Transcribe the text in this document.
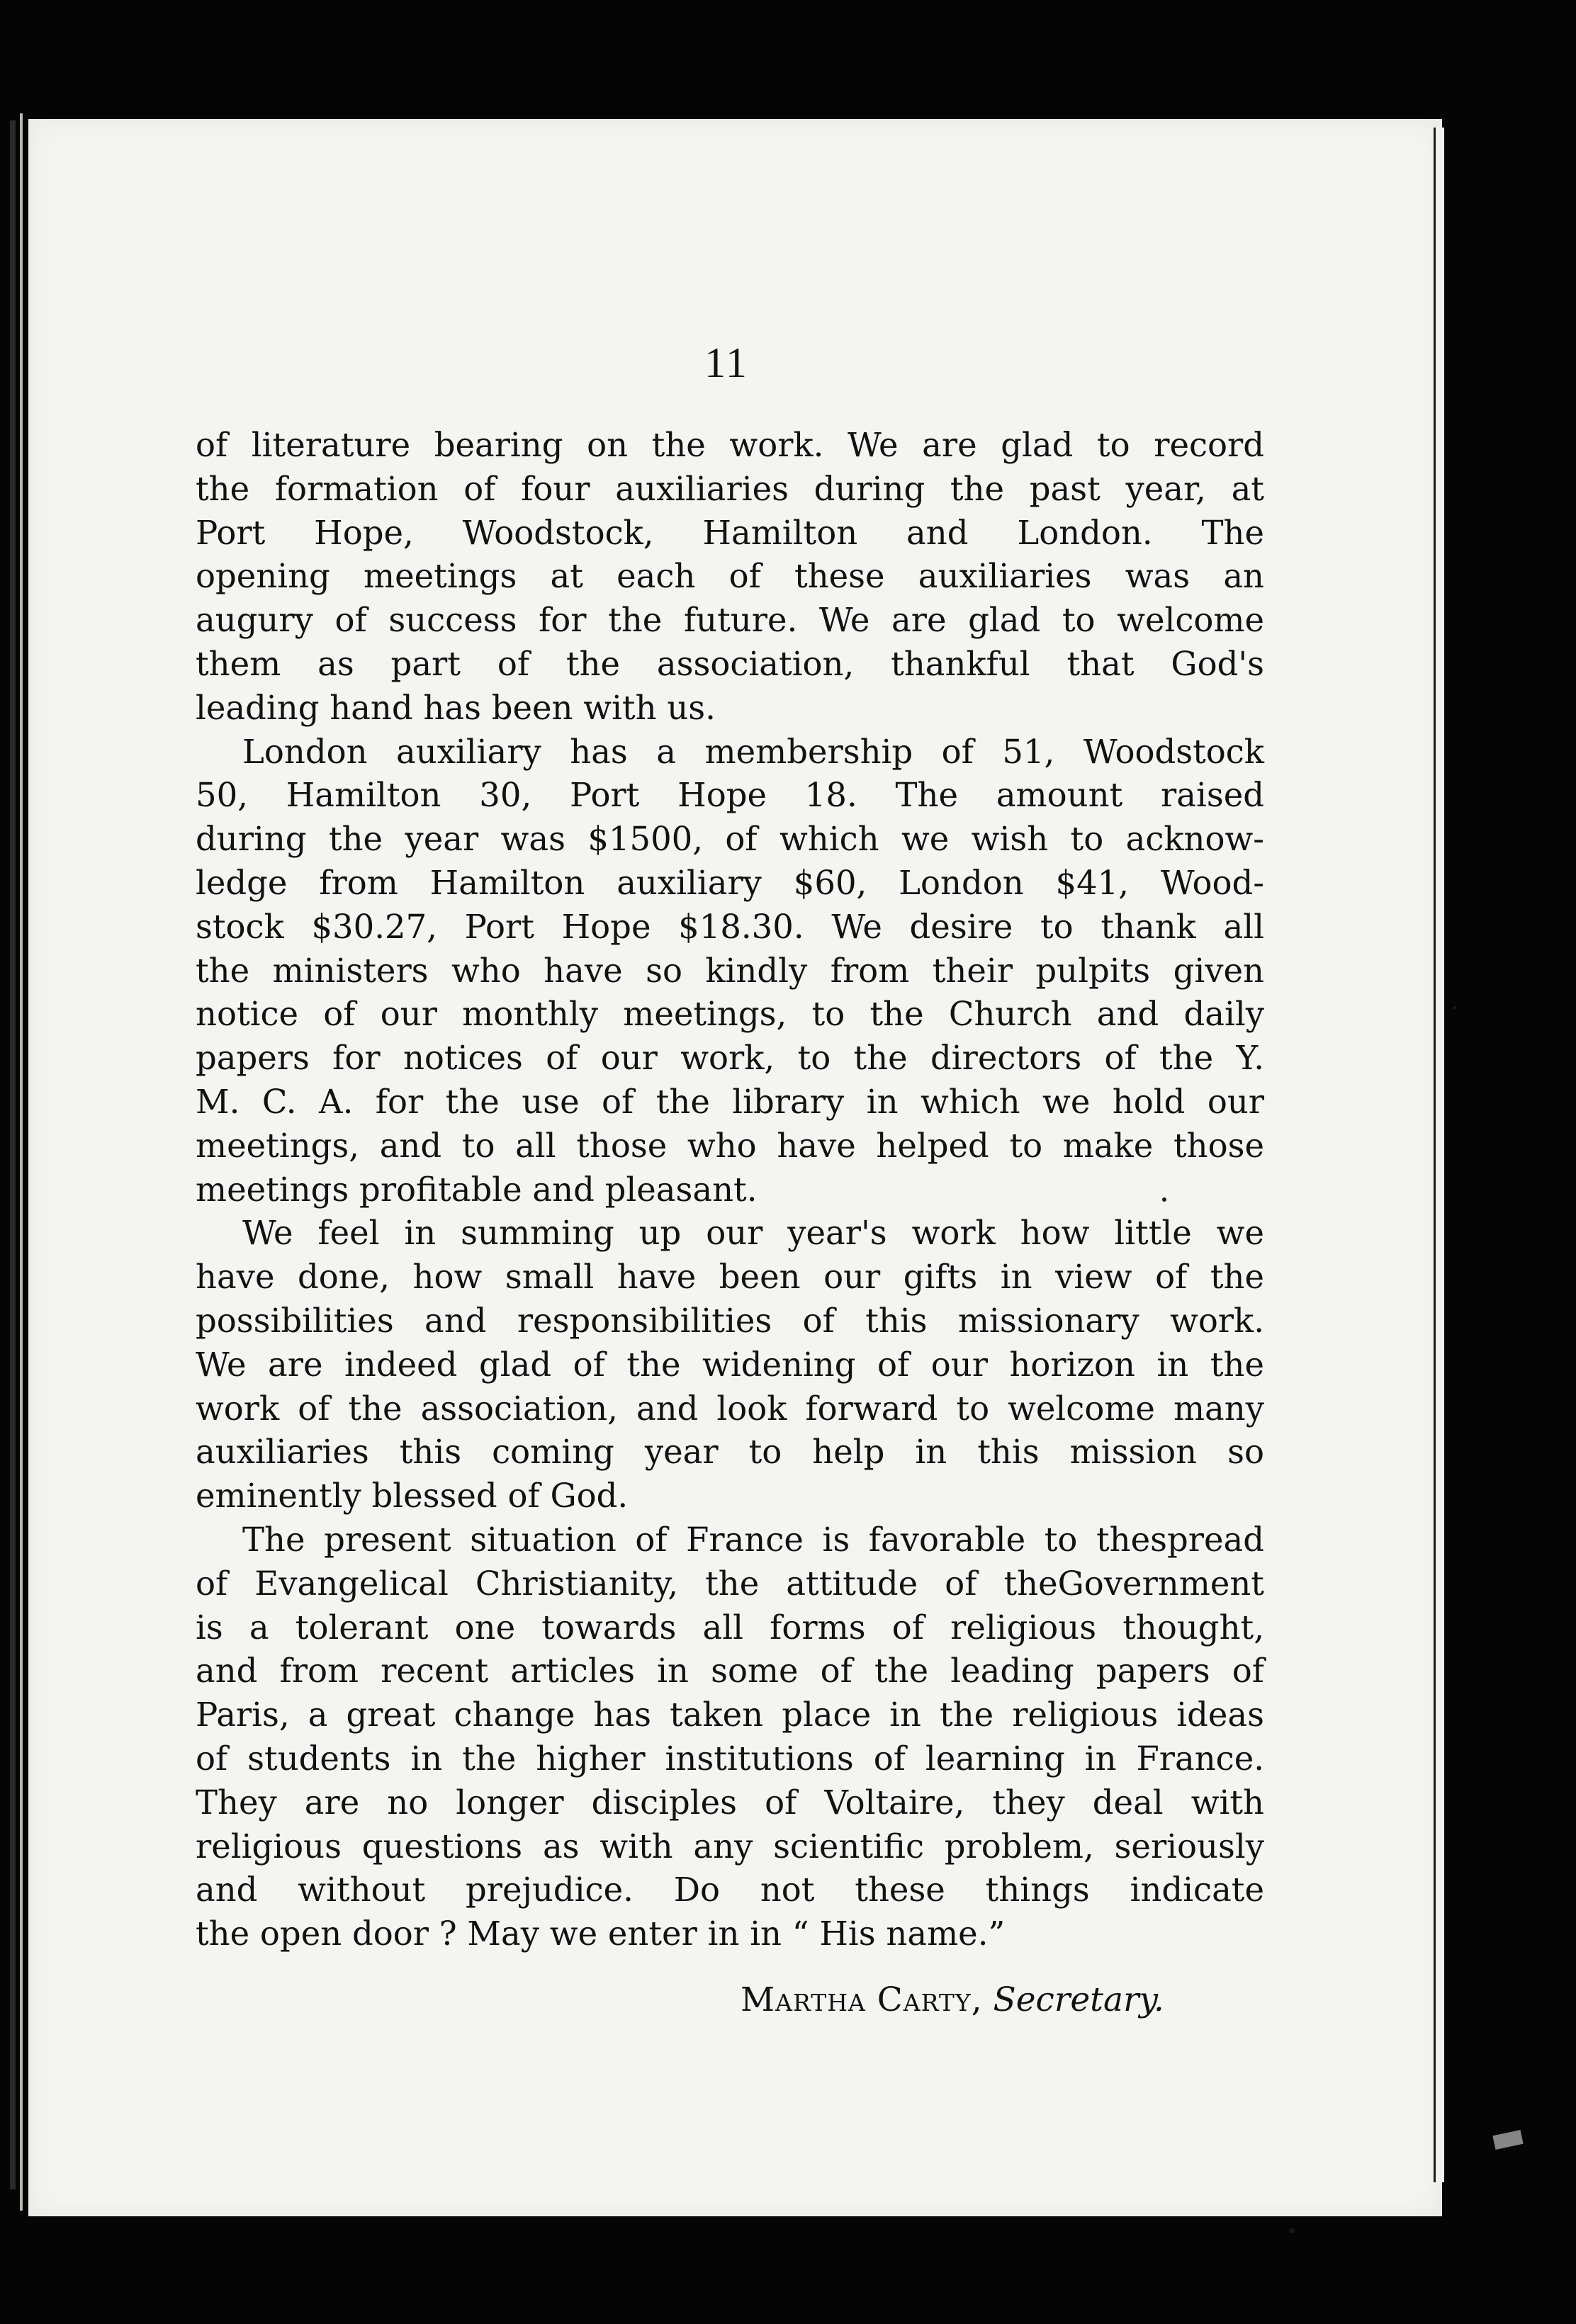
11
of literature bearing on the work. We are glad to record
the formation of four auxiliaries during the past year, at
Port Hope, Woodstock, Hamilton and London. The
opening meetings at each of these auxiliaries was an
augury of success for the future. We are glad to welcome
them as part of the association, thankful that God's
leading hand has been with us.
London auxiliary has a membership of 51, Woodstock
50, Hamilton 30, Port Hope 18. The amount raised
during the year was $1500, of which we wish to acknow-
ledge from Hamilton auxiliary $60, London $41, Wood-
stock $30.27, Port Hope $18.30. We desire to thank all
the ministers who have so kindly from their pulpits given
notice of our monthly meetings, to the Church and daily
papers for notices of our work, to the directors of the Y.
M. C. A. for the use of the library in which we hold our
meetings, and to all those who have helped to make those
meetings profitable and pleasant.
We feel in summing up our year's work how little we
have done, how small have been our gifts in view of the
possibilities and responsibilities of this missionary work.
We are indeed glad of the widening of our horizon in the
work of the association, and look forward to welcome many
auxiliaries this coming year to help in this mission so
eminently blessed of God.
The present situation of France is favorable to thespread
of Evangelical Christianity, the attitude of theGovernment
is a tolerant one towards all forms of religious thought,
and from recent articles in some of the leading papers of
Paris, a great change has taken place in the religious ideas
of students in the higher institutions of learning in France.
They are no longer disciples of Voltaire, they deal with
religious questions as with any scientific problem, seriously
and without prejudice. Do not these things indicate
the open door ? May we enter in in “ His name.”
Martha Carty, Secretary.
